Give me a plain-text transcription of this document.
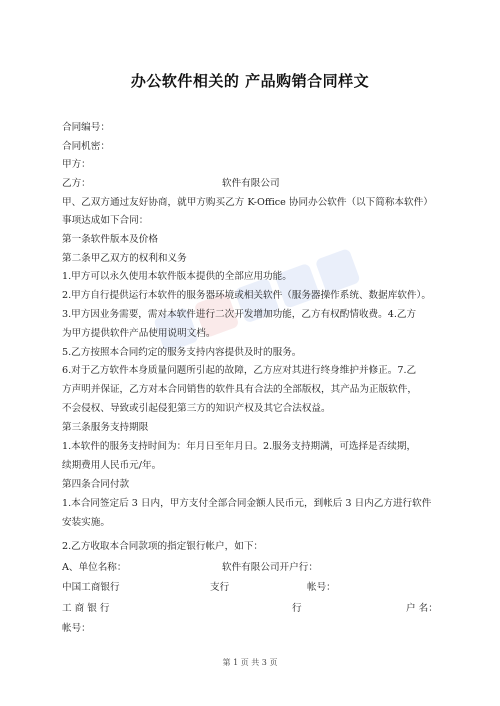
办公软件相关的 产品购销合同样文
合同编号：
合同机密：
甲方：
乙方：	软件有限公司
甲、乙双方通过友好协商，就甲方购买乙方 K-Office 协同办公软件（以下简称本软件）
事项达成如下合同：
第一条软件版本及价格
第二条甲乙双方的权利和义务
1.甲方可以永久使用本软件版本提供的全部应用功能。
2.甲方自行提供运行本软件的服务器环境或相关软件（服务器操作系统、数据库软件）。
3.甲方因业务需要，需对本软件进行二次开发增加功能，乙方有权酌情收费。4.乙方
为甲方提供软件产品使用说明文档。
5.乙方按照本合同约定的服务支持内容提供及时的服务。
6.对于乙方软件本身质量问题所引起的故障，乙方应对其进行终身维护并修正。7.乙
方声明并保证，乙方对本合同销售的软件具有合法的全部版权，其产品为正版软件，
不会侵权、导致或引起侵犯第三方的知识产权及其它合法权益。
第三条服务支持期限
1.本软件的服务支持时间为：年月日至年月日。2.服务支持期满，可选择是否续期，
续期费用人民币元/年。
第四条合同付款
1.本合同签定后 3 日内，甲方支付全部合同金额人民币元，到帐后 3 日内乙方进行软件
安装实施。
2.乙方收取本合同款项的指定银行帐户，如下：
A、单位名称：	软件有限公司开户行：
中国工商银行	支行	帐号：
工 商 银 行	行	户 名：
帐号：
第 1 页 共 3 页
